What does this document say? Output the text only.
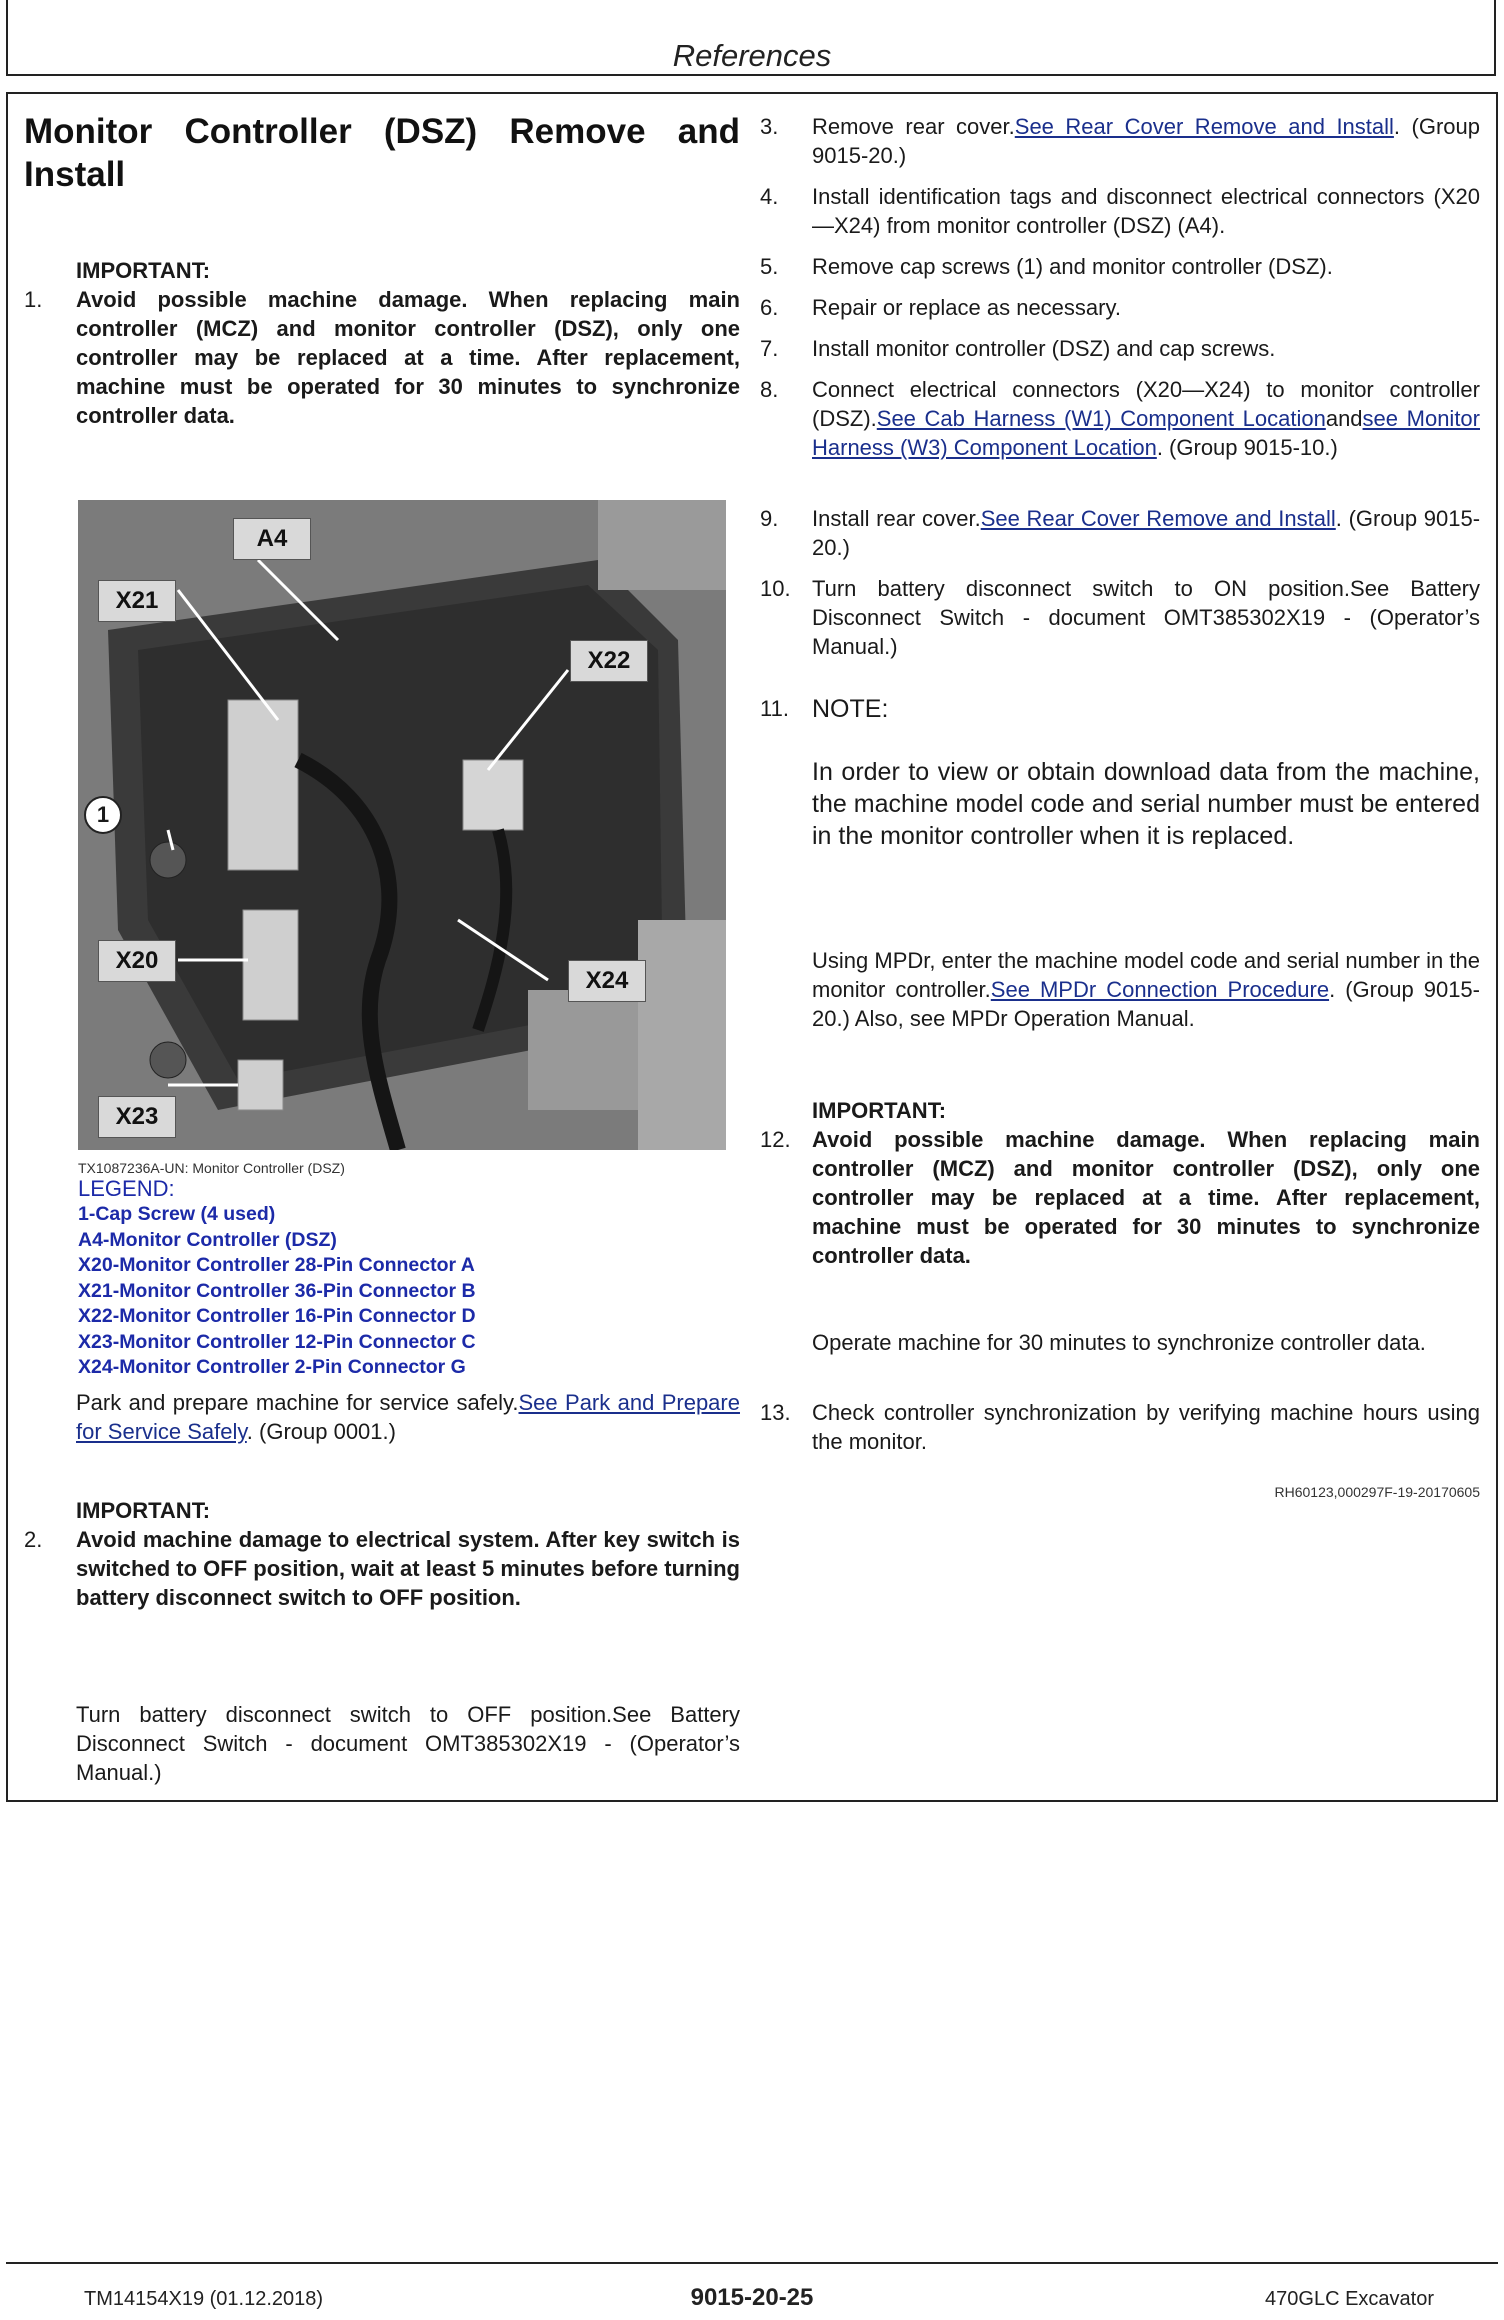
References
Monitor Controller (DSZ) Remove and Install
IMPORTANT:
1.	Avoid possible machine damage. When replacing main controller (MCZ) and monitor controller (DSZ), only one controller may be replaced at a time. After replacement, machine must be operated for 30 minutes to synchronize controller data.
A4
X21
X22
1
X20
X24
X23
TX1087236A-UN: Monitor Controller (DSZ)
LEGEND:
1-Cap Screw (4 used)
A4-Monitor Controller (DSZ)
X20-Monitor Controller 28-Pin Connector A
X21-Monitor Controller 36-Pin Connector B
X22-Monitor Controller 16-Pin Connector D
X23-Monitor Controller 12-Pin Connector C
X24-Monitor Controller 2-Pin Connector G
Park and prepare machine for service safely.See Park and Prepare for Service Safely. (Group 0001.)
IMPORTANT:
2.	Avoid machine damage to electrical system. After key switch is switched to OFF position, wait at least 5 minutes before turning battery disconnect switch to OFF position.
Turn battery disconnect switch to OFF position.See Battery Disconnect Switch - document OMT385302X19 - (Operator’s Manual.)
3.	Remove rear cover.See Rear Cover Remove and Install. (Group 9015-20.)
4.	Install identification tags and disconnect electrical connectors (X20—X24) from monitor controller (DSZ) (A4).
5.	Remove cap screws (1) and monitor controller (DSZ).
6.	Repair or replace as necessary.
7.	Install monitor controller (DSZ) and cap screws.
8.	Connect electrical connectors (X20—X24) to monitor controller (DSZ).See Cab Harness (W1) Component Locationandsee Monitor Harness (W3) Component Location. (Group 9015-10.)
9.	Install rear cover.See Rear Cover Remove and Install. (Group 9015-20.)
10. Turn battery disconnect switch to ON position.See Battery Disconnect Switch - document OMT385302X19 - (Operator’s Manual.)
11. NOTE:
In order to view or obtain download data from the machine, the machine model code and serial number must be entered in the monitor controller when it is replaced.
Using MPDr, enter the machine model code and serial number in the monitor controller.See MPDr Connection Procedure. (Group 9015-20.) Also, see MPDr Operation Manual.
IMPORTANT:
12. Avoid possible machine damage. When replacing main controller (MCZ) and monitor controller (DSZ), only one controller may be replaced at a time. After replacement, machine must be operated for 30 minutes to synchronize controller data.
Operate machine for 30 minutes to synchronize controller data.
13. Check controller synchronization by verifying machine hours using the monitor.
RH60123,000297F-19-20170605
TM14154X19 (01.12.2018)	9015-20-25	470GLC Excavator
